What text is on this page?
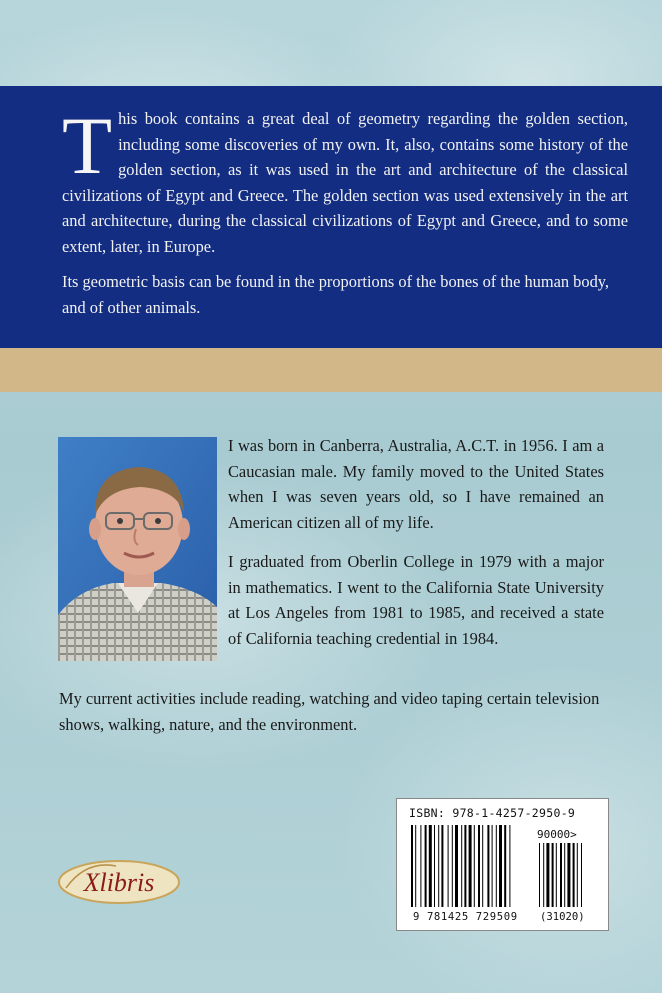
This book contains a great deal of geometry regarding the golden section, including some discoveries of my own. It, also, contains some history of the golden section, as it was used in the art and architecture of the classical civilizations of Egypt and Greece. The golden section was used extensively in the art and architecture, during the classical civilizations of Egypt and Greece, and to some extent, later, in Europe.

Its geometric basis can be found in the proportions of the bones of the human body, and of other animals.

I was born in Canberra, Australia, A.C.T. in 1956. I am a Caucasian male. My family moved to the United States when I was seven years old, so I have remained an American citizen all of my life.

I graduated from Oberlin College in 1979 with a major in mathematics. I went to the California State University at Los Angeles from 1981 to 1985, and received a state of California teaching credential in 1984.

My current activities include reading, watching and video taping certain television shows, walking, nature, and the environment.

Xlibris
ISBN: 978-1-4257-2950-9
90000>
9 781425 729509 (31020)
